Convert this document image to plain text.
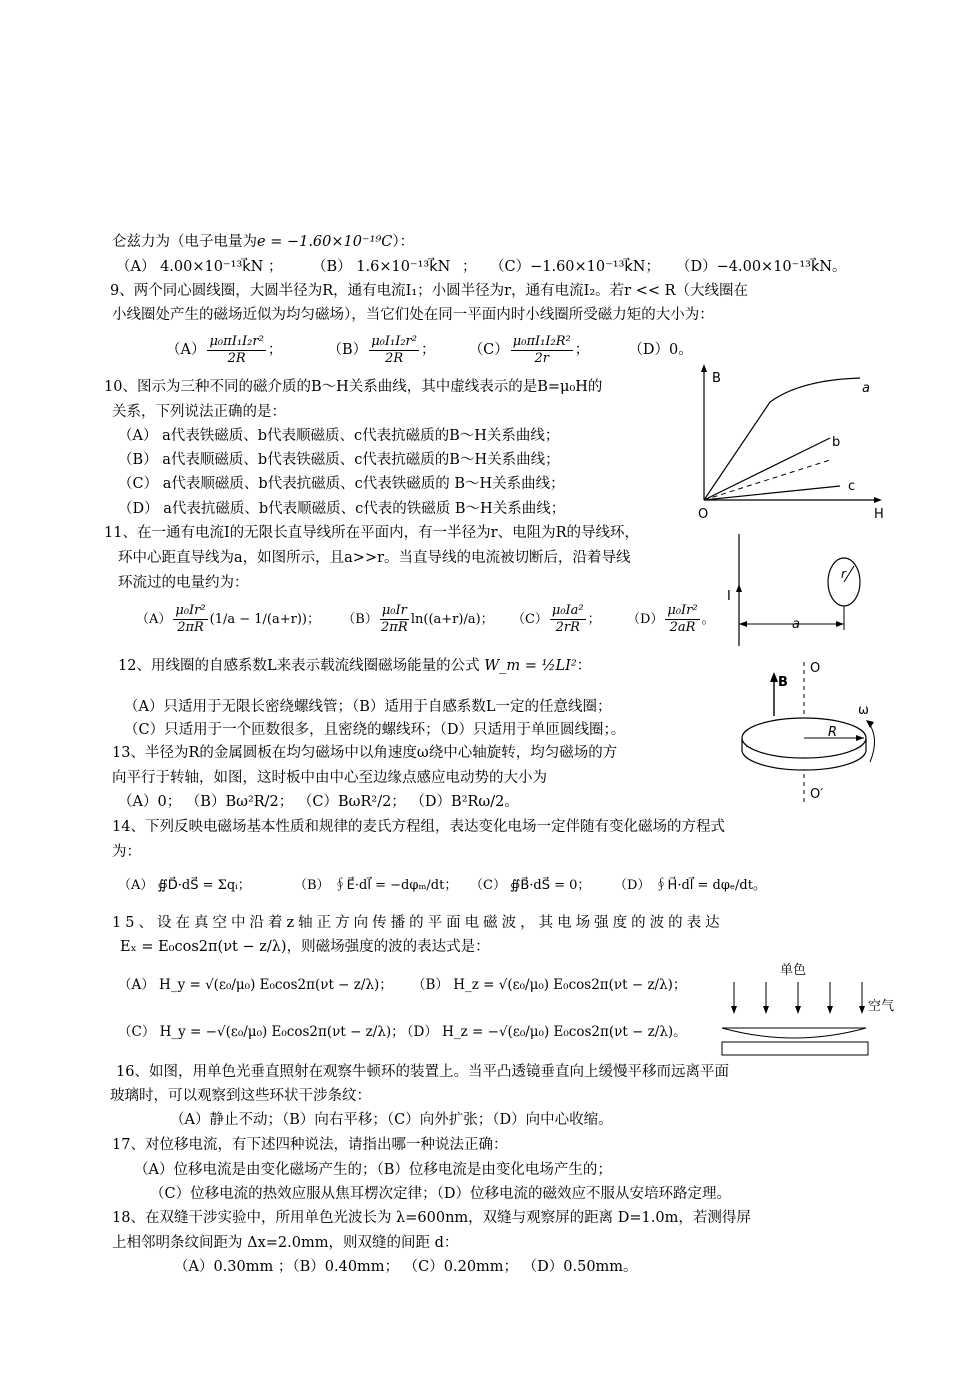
仑兹力为（电子电量为e = −1.60×10⁻¹⁹C）：
（A） 4.00×10⁻¹³k⃗N ； （B） 1.6×10⁻¹³k⃗N ； （C）−1.60×10⁻¹³k⃗N； （D）−4.00×10⁻¹³k⃗N。
9、两个同心圆线圈，大圆半径为R，通有电流I₁；小圆半径为r，通有电流I₂。若r << R（大线圈在
小线圈处产生的磁场近似为均匀磁场），当它们处在同一平面内时小线圈所受磁力矩的大小为：
$(A) \frac{\text{μ₀πI₁I₂r²}}{2R}$ ；	$(B) \frac{\text{μ₀I₁I₂r²}}{2R}$ ； $(C) \frac{\text{μ₀πI₁I₂R²}}{2r}$ ；	（D）0。
10、图示为三种不同的磁介质的B～H关系曲线，其中虚线表示的是B=μ₀H的
关系，下列说法正确的是：
（A） a代表铁磁质、b代表顺磁质、c代表抗磁质的B～H关系曲线；
（B） a代表顺磁质、b代表铁磁质、c代表抗磁质的B～H关系曲线；
（C） a代表顺磁质、b代表抗磁质、c代表铁磁质的 B～H关系曲线；
（D） a代表抗磁质、b代表顺磁质、c代表的铁磁质 B～H关系曲线；
B
H
O
a
b
c
11、在一通有电流I的无限长直导线所在平面内，有一半径为r、电阻为R的导线环，
环中心距直导线为a，如图所示，且a>>r。当直导线的电流被切断后，沿着导线
环流过的电量约为：
$(A) \frac{\text{μ₀Ir²}}{2\pi R} (1/a - 1/(a+r))$； $(B) \frac{\text{μ₀Ir}}{2\pi R} \ln((a+r)/a)$； $(C) \frac{\text{μ₀Ia²}}{2rR}$ ； $(D) \frac{\text{μ₀Ir²}}{2aR}$ 。
I
r
a
12、用线圈的自感系数L来表示载流线圈磁场能量的公式 W_m = ½LI²：
（A）只适用于无限长密绕螺线管；（B）适用于自感系数L一定的任意线圈；
（C）只适用于一个匝数很多，且密绕的螺线环；（D）只适用于单匝圆线圈；。
O
O′
B
R
ω
13、半径为R的金属圆板在均匀磁场中以角速度ω绕中心轴旋转，均匀磁场的方
向平行于转轴，如图，这时板中由中心至边缘点感应电动势的大小为
（A）0； （B）Bω²R/2； （C）BωR²/2； （D）B²Rω/2。
14、下列反映电磁场基本性质和规律的麦氏方程组，表达变化电场一定伴随有变化磁场的方程式
为：
（A） ∯D⃗·dS⃗ = Σqᵢ；	（B） ∮E⃗·dl⃗ = −dφₘ/dt； （C） ∯B⃗·dS⃗ = 0； （D） ∮H⃗·dl⃗ = dφₑ/dt。
15、设在真空中沿着z轴正方向传播的平面电磁波，其电场强度的波的表达
Eₓ = E₀cos2π(νt − z/λ)，则磁场强度的波的表达式是：
（A） H_y = √(ε₀/μ₀) E₀cos2π(νt − z/λ)； （B） H_z = √(ε₀/μ₀) E₀cos2π(νt − z/λ)；
（C） H_y = −√(ε₀/μ₀) E₀cos2π(νt − z/λ)；
（D） H_z = −√(ε₀/μ₀) E₀cos2π(νt − z/λ)。
单色
空气
16、如图，用单色光垂直照射在观察牛顿环的装置上。当平凸透镜垂直向上缓慢平移而远离平面
玻璃时，可以观察到这些环状干涉条纹：
（A）静止不动；（B）向右平移；（C）向外扩张；（D）向中心收缩。
17、对位移电流，有下述四种说法，请指出哪一种说法正确：
（A）位移电流是由变化磁场产生的；（B）位移电流是由变化电场产生的；
（C）位移电流的热效应服从焦耳楞次定律；（D）位移电流的磁效应不服从安培环路定理。
18、在双缝干涉实验中，所用单色光波长为 λ=600nm，双缝与观察屏的距离 D=1.0m，若测得屏
上相邻明条纹间距为 Δx=2.0mm，则双缝的间距 d：
（A）0.30mm ；（B）0.40mm； （C）0.20mm； （D）0.50mm。
